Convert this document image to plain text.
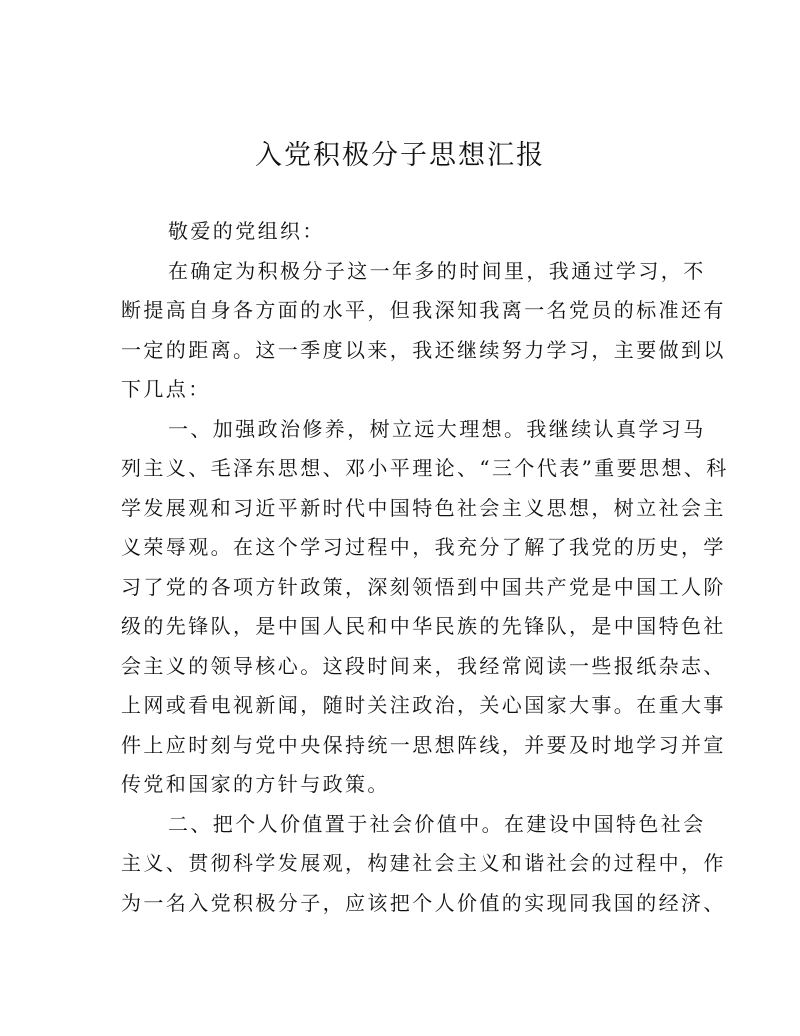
入党积极分子思想汇报
敬爱的党组织：
在确定为积极分子这一年多的时间里，我通过学习，不
断提高自身各方面的水平，但我深知我离一名党员的标准还有
一定的距离。这一季度以来，我还继续努力学习，主要做到以
下几点：
一、加强政治修养，树立远大理想。我继续认真学习马
列主义、毛泽东思想、邓小平理论、“三个代表”重要思想、科
学发展观和习近平新时代中国特色社会主义思想，树立社会主
义荣辱观。在这个学习过程中，我充分了解了我党的历史，学
习了党的各项方针政策，深刻领悟到中国共产党是中国工人阶
级的先锋队，是中国人民和中华民族的先锋队，是中国特色社
会主义的领导核心。这段时间来，我经常阅读一些报纸杂志、
上网或看电视新闻，随时关注政治，关心国家大事。在重大事
件上应时刻与党中央保持统一思想阵线，并要及时地学习并宣
传党和国家的方针与政策。
二、把个人价值置于社会价值中。在建设中国特色社会
主义、贯彻科学发展观，构建社会主义和谐社会的过程中，作
为一名入党积极分子，应该把个人价值的实现同我国的经济、
